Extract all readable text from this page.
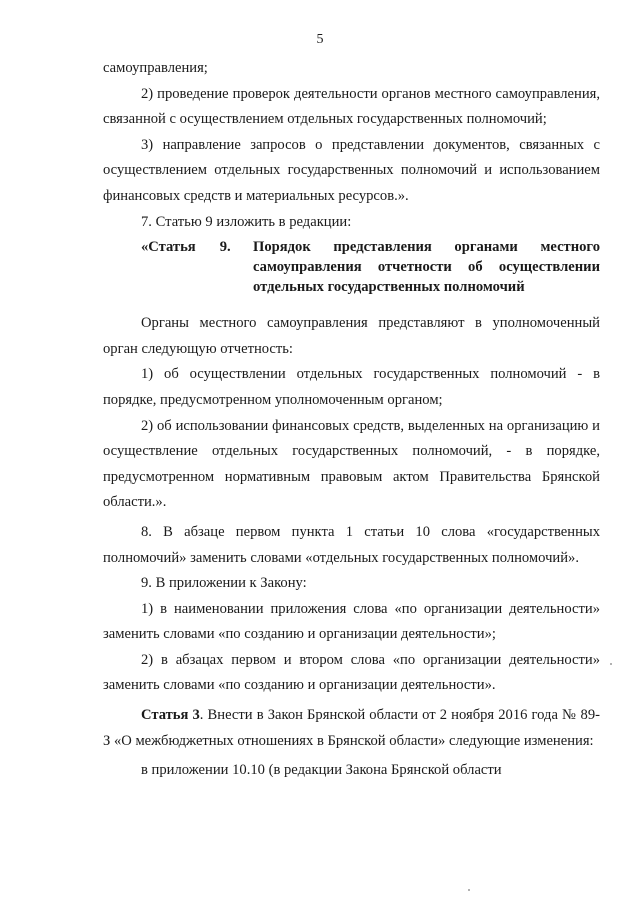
5

самоуправления;

2) проведение проверок деятельности органов местного самоуправления, связанной с осуществлением отдельных государственных полномочий;

3) направление запросов о представлении документов, связанных с осуществлением отдельных государственных полномочий и использованием финансовых средств и материальных ресурсов.».

7. Статью 9 изложить в редакции:

«Статья 9.	Порядок представления органами местного самоуправления отчетности об осуществлении отдельных государственных полномочий

Органы местного самоуправления представляют в уполномоченный орган следующую отчетность:

1) об осуществлении отдельных государственных полномочий - в порядке, предусмотренном уполномоченным органом;

2) об использовании финансовых средств, выделенных на организацию и осуществление отдельных государственных полномочий, - в порядке, предусмотренном нормативным правовым актом Правительства Брянской области.».

8. В абзаце первом пункта 1 статьи 10 слова «государственных полномочий» заменить словами «отдельных государственных полномочий».

9. В приложении к Закону:

1) в наименовании приложения слова «по организации деятельности» заменить словами «по созданию и организации деятельности»;

2) в абзацах первом и втором слова «по организации деятельности» заменить словами «по созданию и организации деятельности».

Статья 3. Внести в Закон Брянской области от 2 ноября 2016 года № 89-З «О межбюджетных отношениях в Брянской области» следующие изменения:

в приложении 10.10 (в редакции Закона Брянской области
